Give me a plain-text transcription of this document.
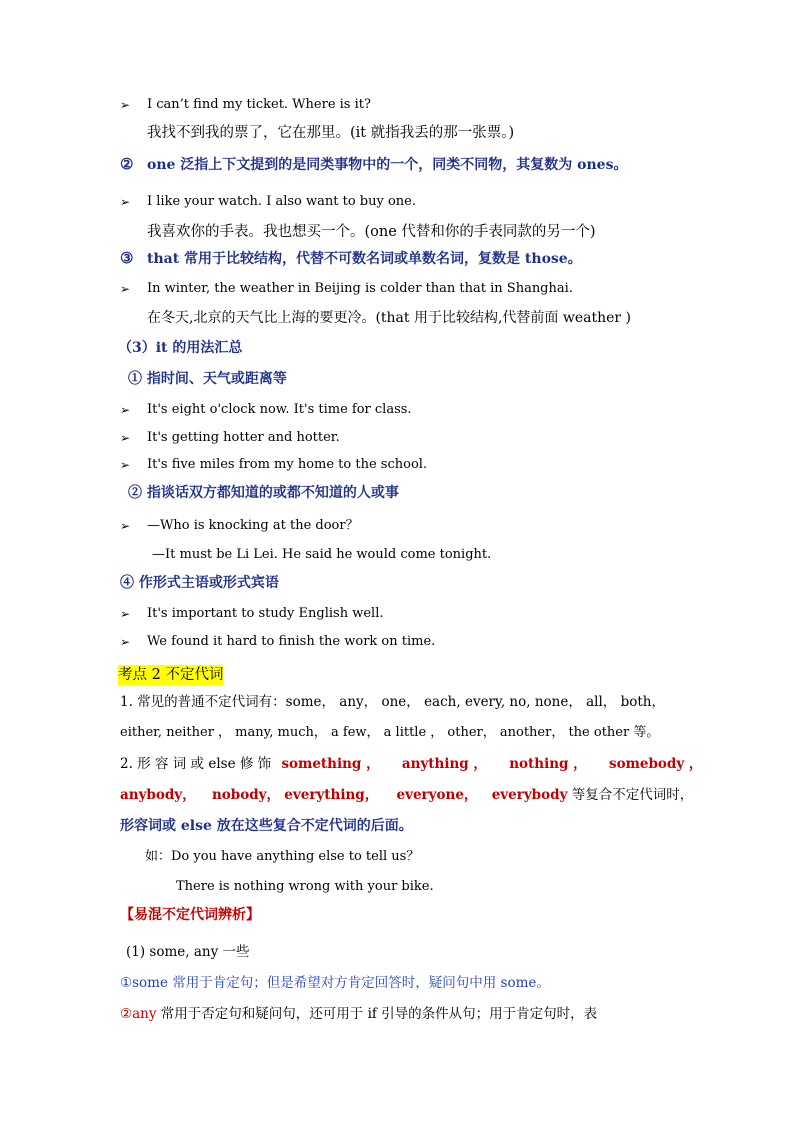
➢ I can’t find my ticket. Where is it?
我找不到我的票了，它在那里。(it 就指我丢的那一张票。)
② one 泛指上下文提到的是同类事物中的一个，同类不同物，其复数为 ones。
➢ I like your watch. I also want to buy one.
我喜欢你的手表。我也想买一个。(one 代替和你的手表同款的另一个)
③ that 常用于比较结构，代替不可数名词或单数名词，复数是 those。
➢ In winter, the weather in Beijing is colder than that in Shanghai.
在冬天,北京的天气比上海的要更冷。(that 用于比较结构,代替前面 weather )
（3）it 的用法汇总
① 指时间、天气或距离等
➢ It's eight o'clock now. It's time for class.
➢ It's getting hotter and hotter.
➢ It's five miles from my home to the school.
② 指谈话双方都知道的或都不知道的人或事
➢ —Who is knocking at the door？
—It must be Li Lei. He said he would come tonight.
④ 作形式主语或形式宾语
➢ It's important to study English well.
➢ We found it hard to finish the work on time.
考点 2 不定代词
1. 常见的普通不定代词有：some， any， one， each, every, no, none， all， both，
either, neither ， many, much， a few， a little ， other， another， the other 等。
2. 形 容 词 或 else 修 饰 something ， anything ， nothing ， somebody ，
anybody， nobody， everything， everyone， everybody 等复合不定代词时，
形容词或 else 放在这些复合不定代词的后面。
如：Do you have anything else to tell us？
There is nothing wrong with your bike.
【易混不定代词辨析】
(1) some, any 一些
①some 常用于肯定句；但是希望对方肯定回答时，疑问句中用 some。
②any 常用于否定句和疑问句，还可用于 if 引导的条件从句；用于肯定句时，表
